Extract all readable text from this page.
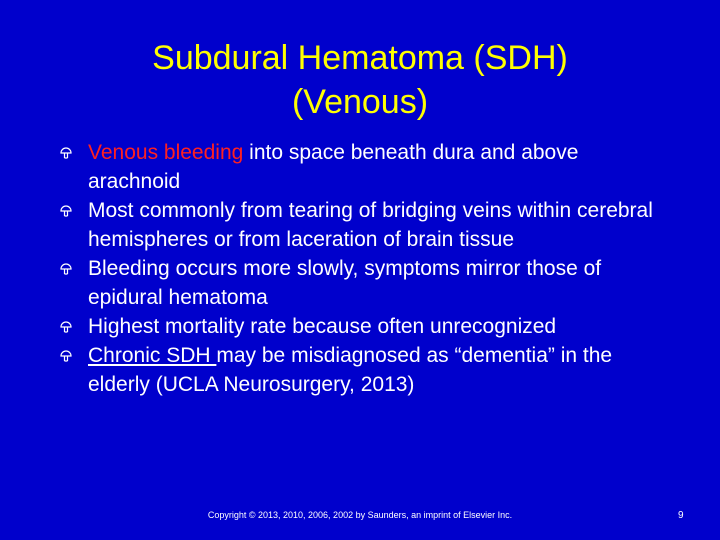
Subdural Hematoma (SDH)
(Venous)
Venous bleeding into space beneath dura and above arachnoid
Most commonly from tearing of bridging veins within cerebral hemispheres or from laceration of brain tissue
Bleeding occurs more slowly, symptoms mirror those of epidural hematoma
Highest mortality rate because often unrecognized
Chronic SDH may be misdiagnosed as “dementia” in the elderly (UCLA Neurosurgery, 2013)
Copyright © 2013, 2010, 2006, 2002 by Saunders, an imprint of Elsevier Inc.	9
